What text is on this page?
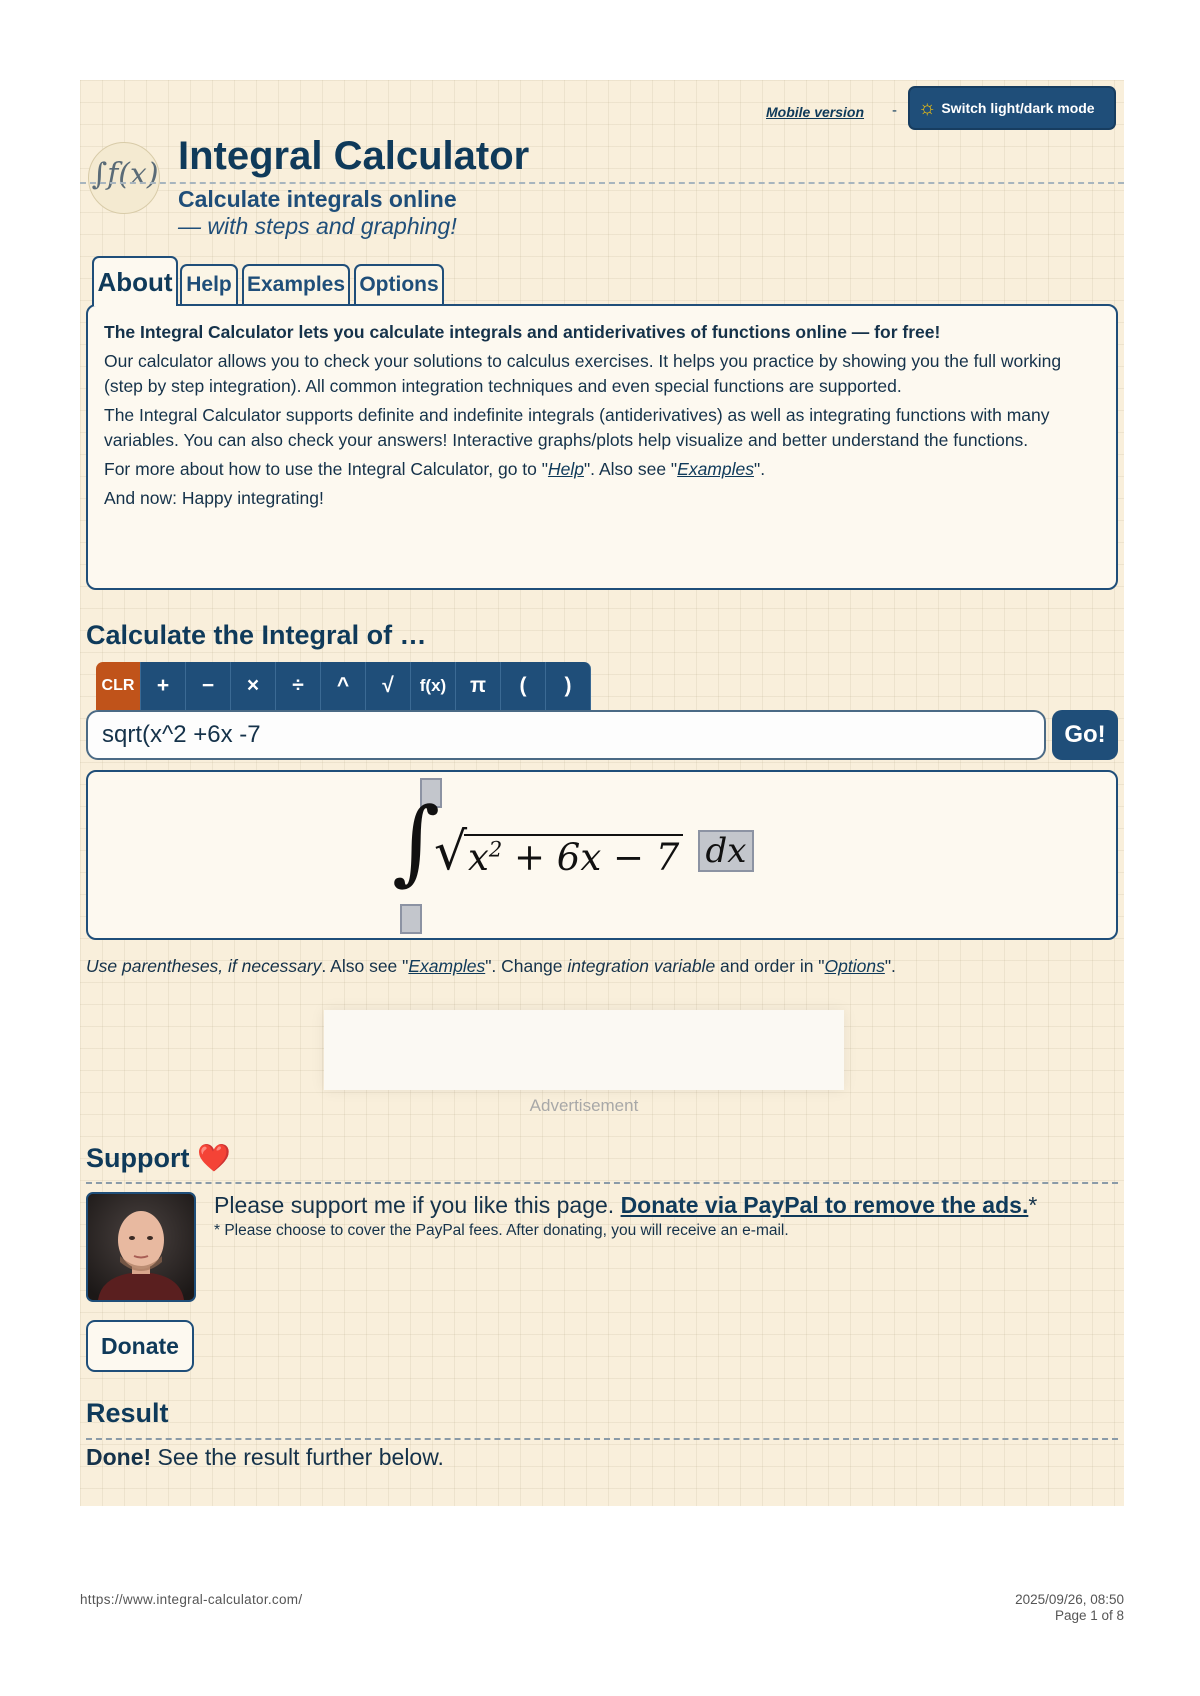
Mobile version - ☼ Switch light/dark mode
∫f(x) Integral Calculator
Calculate integrals online
— with steps and graphing!
About Help Examples Options

The Integral Calculator lets you calculate integrals and antiderivatives of functions online — for free!

Our calculator allows you to check your solutions to calculus exercises. It helps you practice by showing you the full working (step by step integration). All common integration techniques and even special functions are supported.

The Integral Calculator supports definite and indefinite integrals (antiderivatives) as well as integrating functions with many variables. You can also check your answers! Interactive graphs/plots help visualize and better understand the functions.

For more about how to use the Integral Calculator, go to "Help". Also see "Examples".

And now: Happy integrating!

Calculate the Integral of …
CLR	+	−	×	÷	^	√	f(x)	π	(	)
sqrt(x^2 +6x -7
Go!
∫
√ $x^2 + 6x - 7$ dx
Use parentheses, if necessary. Also see "Examples". Change integration variable and order in "Options".
Advertisement
Support ❤️
Please support me if you like this page. Donate via PayPal to remove the ads.*
* Please choose to cover the PayPal fees. After donating, you will receive an e-mail.
Donate
Result
Done! See the result further below.
https://www.integral-calculator.com/	2025/09/26, 08:50
Page 1 of 8
